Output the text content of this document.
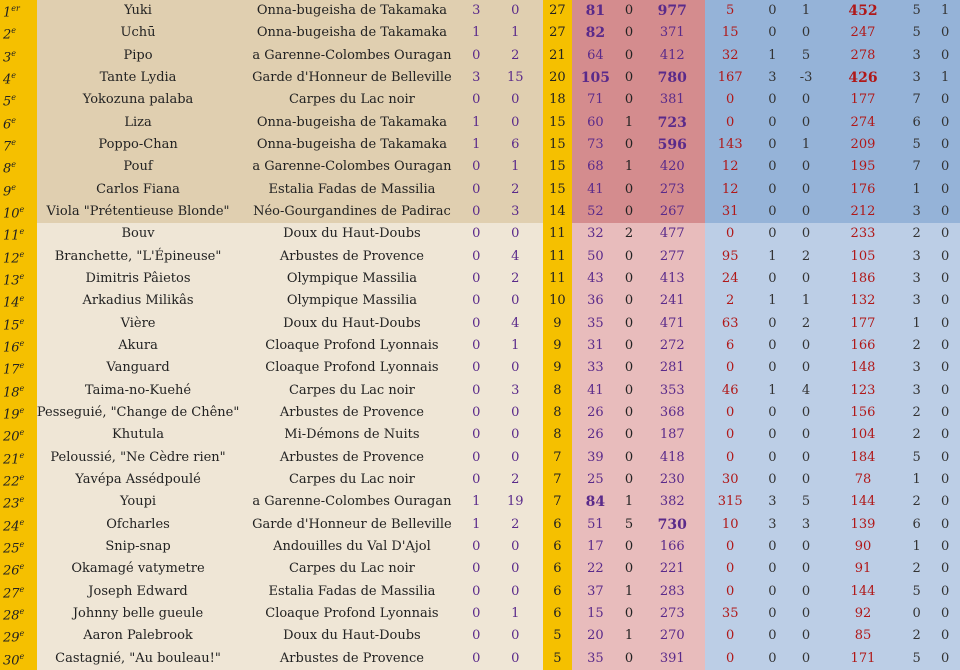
1er	Yuki	Onna-bugeisha de Takamaka	3	0	27	81	0	977	5	0	1	452	5	1
2e	Uchū	Onna-bugeisha de Takamaka	1	1	27	82	0	371	15	0	0	247	5	0
3e	Pipo	a Garenne-Colombes Ouragan	0	2	21	64	0	412	32	1	5	278	3	0
4e	Tante Lydia	Garde d'Honneur de Belleville	3	15	20	105	0	780	167	3	-3	426	3	1
5e	Yokozuna palaba	Carpes du Lac noir	0	0	18	71	0	381	0	0	0	177	7	0
6e	Liza	Onna-bugeisha de Takamaka	1	0	15	60	1	723	0	0	0	274	6	0
7e	Poppo-Chan	Onna-bugeisha de Takamaka	1	6	15	73	0	596	143	0	1	209	5	0
8e	Pouf	a Garenne-Colombes Ouragan	0	1	15	68	1	420	12	0	0	195	7	0
9e	Carlos Fiana	Estalia Fadas de Massilia	0	2	15	41	0	273	12	0	0	176	1	0
10e	Viola "Prétentieuse Blonde"	Néo-Gourgandines de Padirac	0	3	14	52	0	267	31	0	0	212	3	0
11e	Bouv	Doux du Haut-Doubs	0	0	11	32	2	477	0	0	0	233	2	0
12e	Branchette, "L'Épineuse"	Arbustes de Provence	0	4	11	50	0	277	95	1	2	105	3	0
13e	Dimitris Pâietos	Olympique Massilia	0	2	11	43	0	413	24	0	0	186	3	0
14e	Arkadius Milikâs	Olympique Massilia	0	0	10	36	0	241	2	1	1	132	3	0
15e	Vière	Doux du Haut-Doubs	0	4	9	35	0	471	63	0	2	177	1	0
16e	Akura	Cloaque Profond Lyonnais	0	1	9	31	0	272	6	0	0	166	2	0
17e	Vanguard	Cloaque Profond Lyonnais	0	0	9	33	0	281	0	0	0	148	3	0
18e	Taima-no-Kuehé	Carpes du Lac noir	0	3	8	41	0	353	46	1	4	123	3	0
19e	Pesseguié, "Change de Chêne"	Arbustes de Provence	0	0	8	26	0	368	0	0	0	156	2	0
20e	Khutula	Mi-Démons de Nuits	0	0	8	26	0	187	0	0	0	104	2	0
21e	Peloussié, "Ne Cèdre rien"	Arbustes de Provence	0	0	7	39	0	418	0	0	0	184	5	0
22e	Yavépa Assédpoulé	Carpes du Lac noir	0	2	7	25	0	230	30	0	0	78	1	0
23e	Youpi	a Garenne-Colombes Ouragan	1	19	7	84	1	382	315	3	5	144	2	0
24e	Ofcharles	Garde d'Honneur de Belleville	1	2	6	51	5	730	10	3	3	139	6	0
25e	Snip-snap	Andouilles du Val D'Ajol	0	0	6	17	0	166	0	0	0	90	1	0
26e	Okamagé vatymetre	Carpes du Lac noir	0	0	6	22	0	221	0	0	0	91	2	0
27e	Joseph Edward	Estalia Fadas de Massilia	0	0	6	37	1	283	0	0	0	144	5	0
28e	Johnny belle gueule	Cloaque Profond Lyonnais	0	1	6	15	0	273	35	0	0	92	0	0
29e	Aaron Palebrook	Doux du Haut-Doubs	0	0	5	20	1	270	0	0	0	85	2	0
30e	Castagnié, "Au bouleau!"	Arbustes de Provence	0	0	5	35	0	391	0	0	0	171	5	0
